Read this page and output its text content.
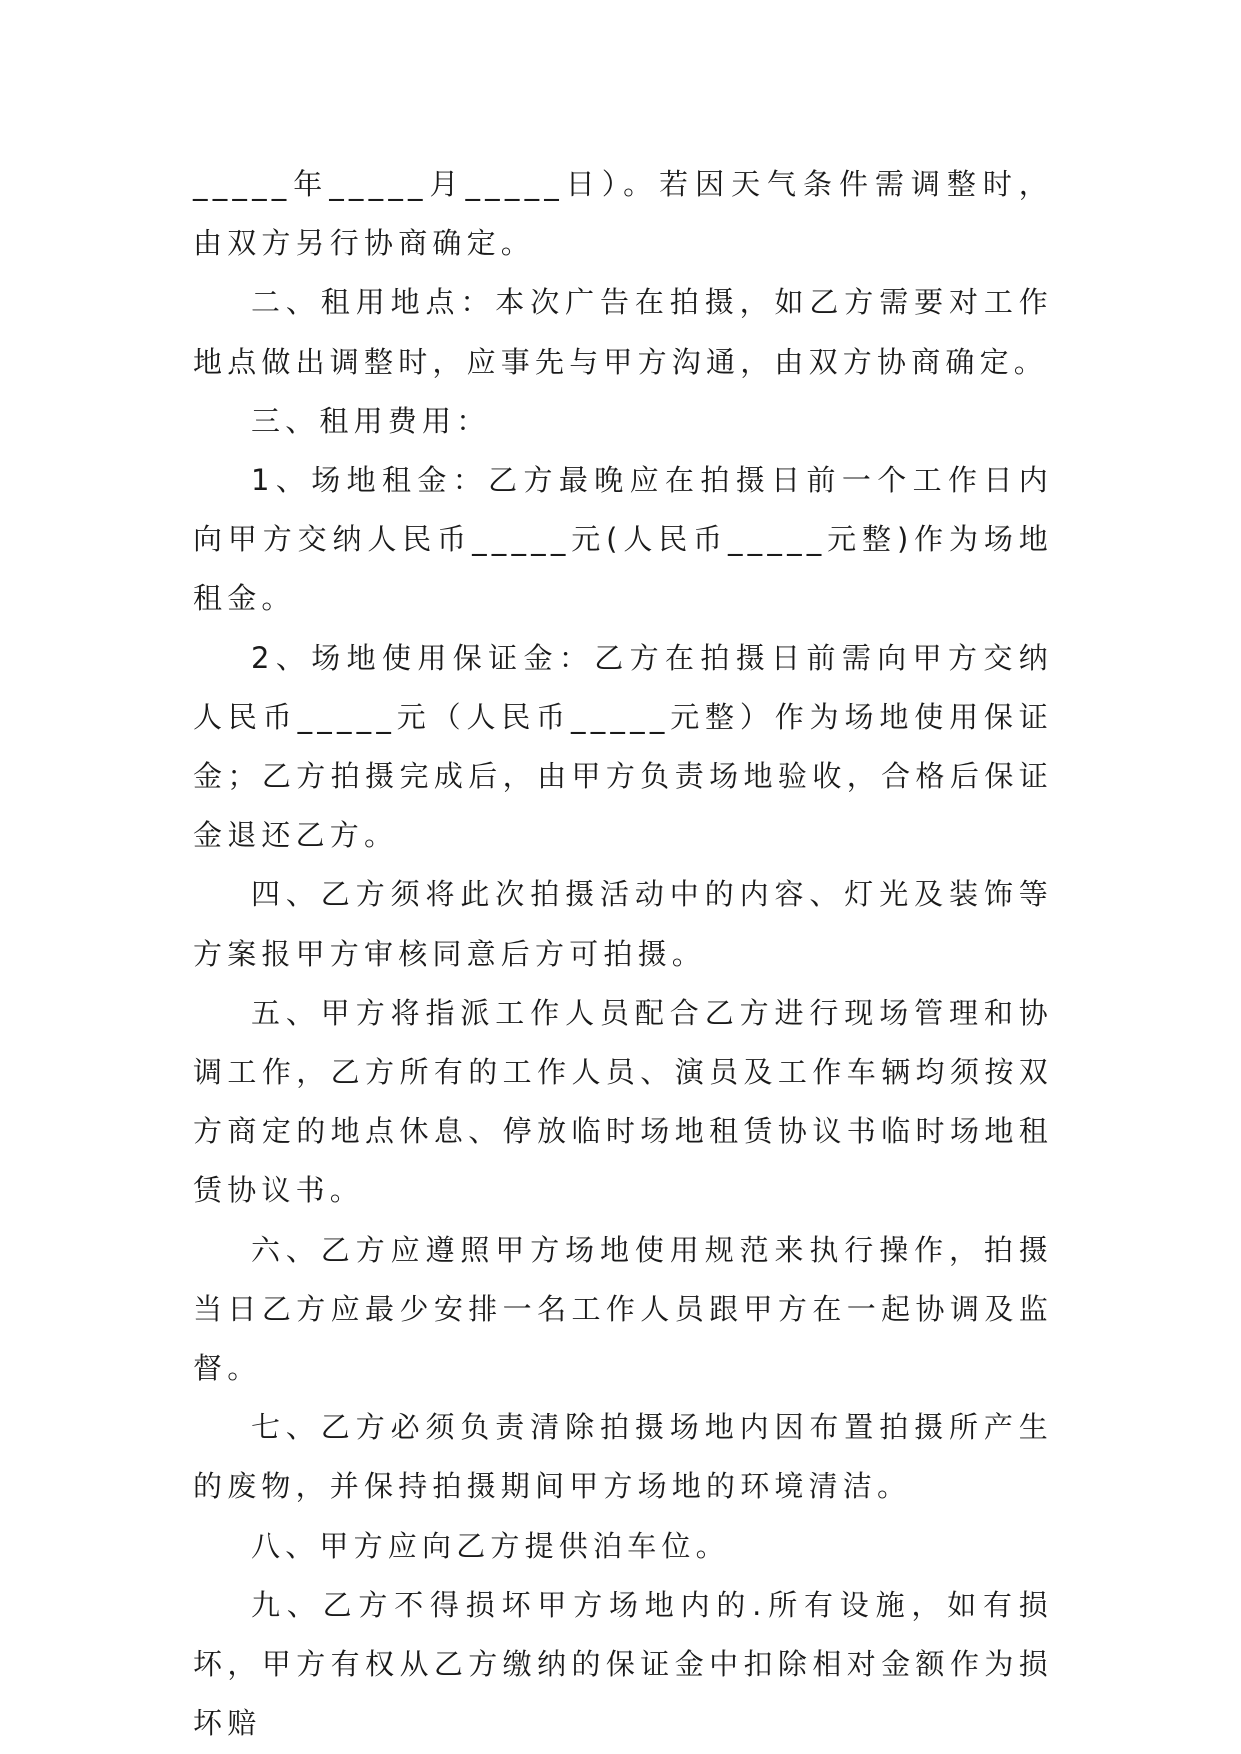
_____年_____月_____日）。若因天气条件需调整时，由双方另行协商确定。

二、租用地点：本次广告在拍摄，如乙方需要对工作地点做出调整时，应事先与甲方沟通，由双方协商确定。

三、租用费用：

1、场地租金：乙方最晚应在拍摄日前一个工作日内向甲方交纳人民币_____元(人民币_____元整)作为场地租金。

2、场地使用保证金：乙方在拍摄日前需向甲方交纳人民币_____元（人民币_____元整）作为场地使用保证金；乙方拍摄完成后，由甲方负责场地验收，合格后保证金退还乙方。

四、乙方须将此次拍摄活动中的内容、灯光及装饰等方案报甲方审核同意后方可拍摄。

五、甲方将指派工作人员配合乙方进行现场管理和协调工作，乙方所有的工作人员、演员及工作车辆均须按双方商定的地点休息、停放临时场地租赁协议书临时场地租赁协议书。

六、乙方应遵照甲方场地使用规范来执行操作，拍摄当日乙方应最少安排一名工作人员跟甲方在一起协调及监督。

七、乙方必须负责清除拍摄场地内因布置拍摄所产生的废物，并保持拍摄期间甲方场地的环境清洁。

八、甲方应向乙方提供泊车位。

九、乙方不得损坏甲方场地内的.所有设施，如有损坏，甲方有权从乙方缴纳的保证金中扣除相对金额作为损坏赔
